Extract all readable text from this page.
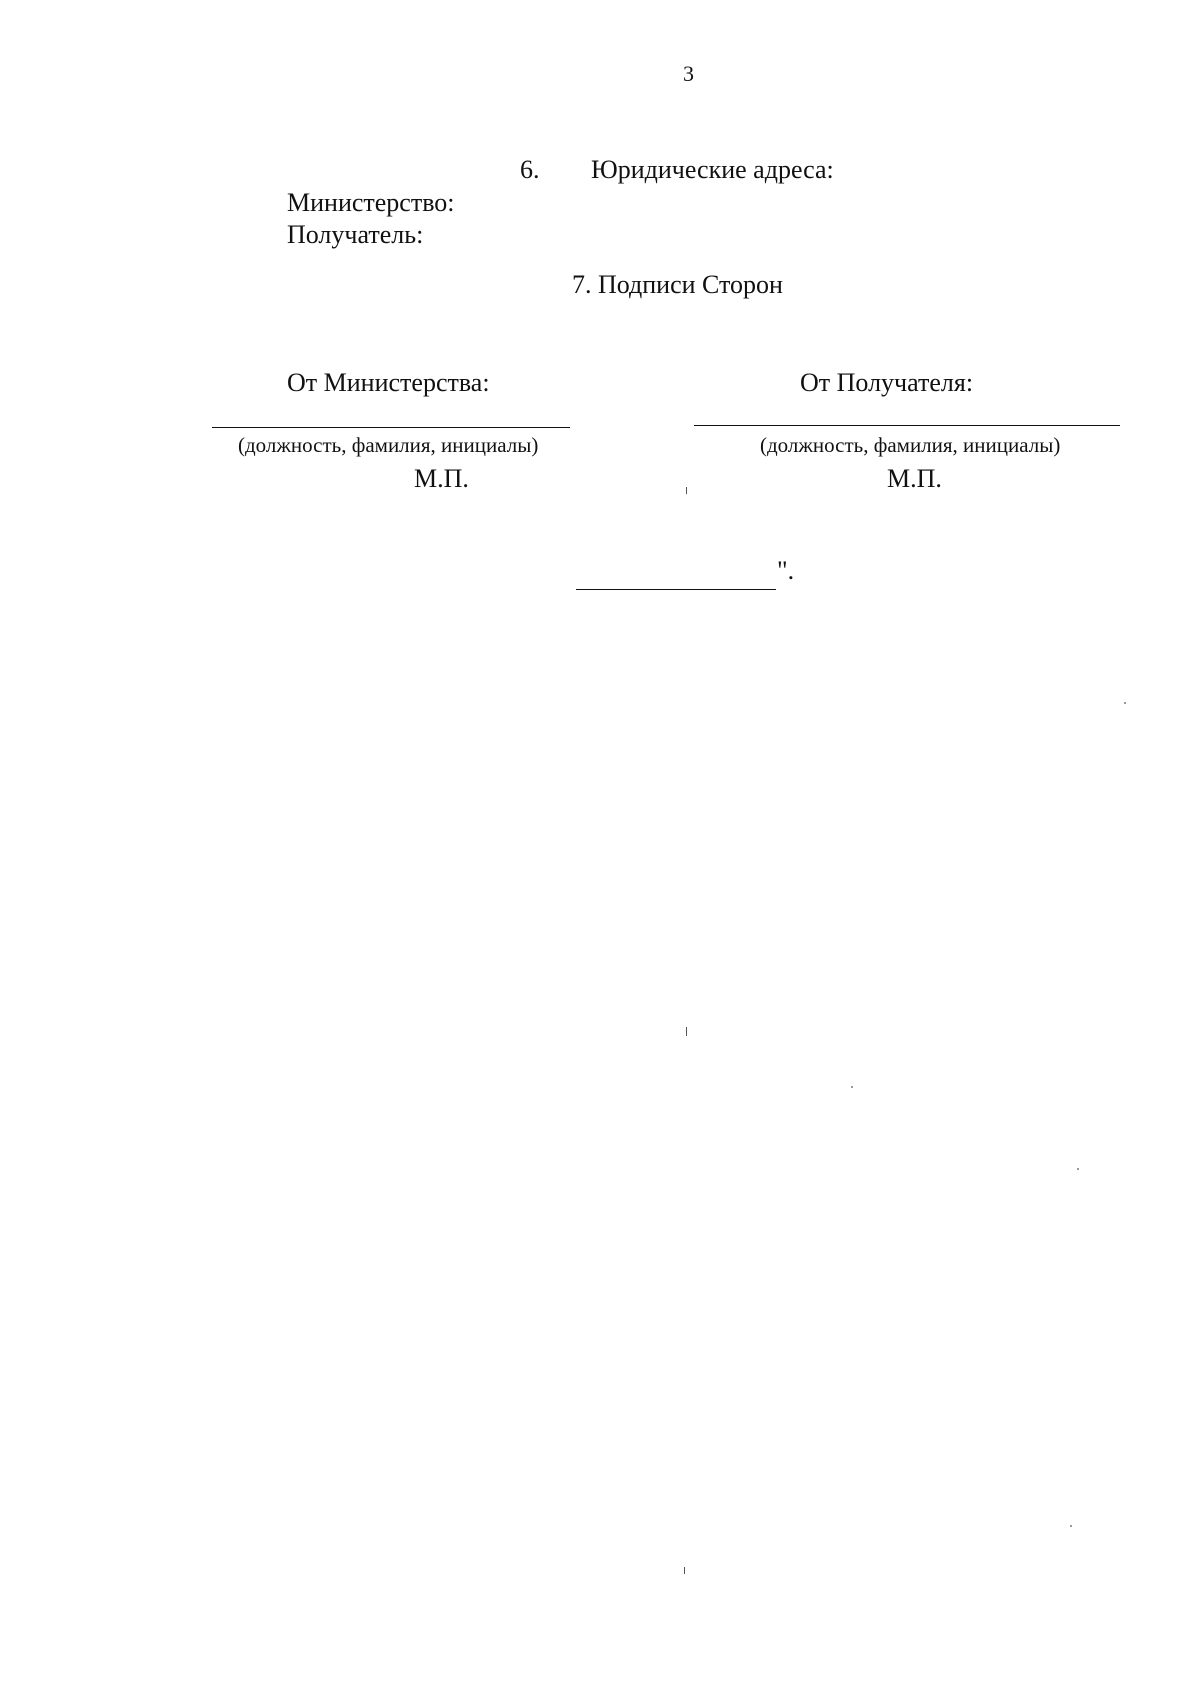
3
6. Юридические адреса:
Министерство:
Получатель:
7. Подписи Сторон
От Министерства:	От Получателя:
(должность, фамилия, инициалы)	(должность, фамилия, инициалы)
М.П.	М.П.
".
